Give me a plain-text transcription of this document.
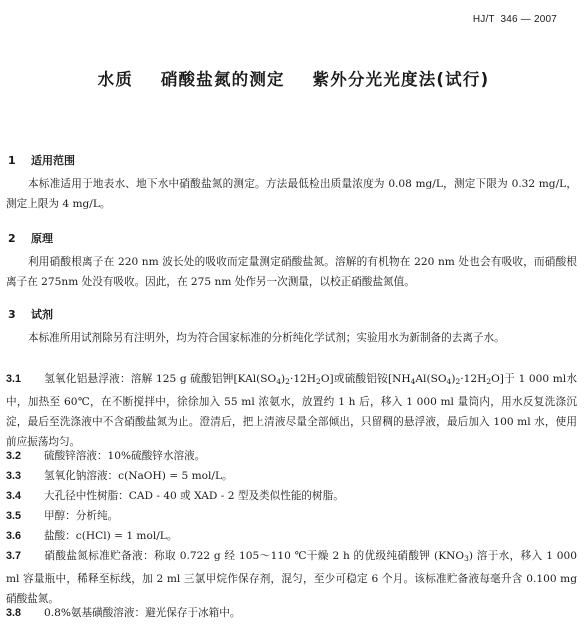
HJ/T  346 — 2007
水质    硝酸盐氮的测定    紫外分光光度法(试行)
1    适用范围

本标准适用于地表水、地下水中硝酸盐氮的测定。方法最低检出质量浓度为 0.08 mg/L，测定下限为 0.32 mg/L，测定上限为 4 mg/L。

2    原理

利用硝酸根离子在 220 nm 波长处的吸收而定量测定硝酸盐氮。溶解的有机物在 220 nm 处也会有吸收，而硝酸根离子在 275nm 处没有吸收。因此，在 275 nm 处作另一次测量，以校正硝酸盐氮值。

3    试剂

本标准所用试剂除另有注明外，均为符合国家标准的分析纯化学试剂；实验用水为新制备的去离子水。

3.1 氢氧化铝悬浮液：溶解 125 g 硫酸铝钾$[KAl(SO_4)_2\cdot 12H_2O]$或硫酸铝铵$[NH_4Al(SO_4)_2\cdot 12H_2O]$于 1 000 ml水中，加热至 60℃，在不断搅拌中，徐徐加入 55 ml 浓氨水，放置约 1 h 后，移入 1 000 ml 量筒内，用水反复洗涤沉淀，最后至洗涤液中不含硝酸盐氮为止。澄清后，把上清液尽量全部倾出，只留稠的悬浮液，最后加入 100 ml 水，使用前应振荡均匀。
3.2 硫酸锌溶液：10%硫酸锌水溶液。
3.3 氢氧化钠溶液：c(NaOH) = 5 mol/L。
3.4 大孔径中性树脂：CAD - 40 或 XAD - 2 型及类似性能的树脂。
3.5 甲醇：分析纯。
3.6 盐酸：c(HCl) = 1 mol/L。
3.7 硝酸盐氮标准贮备液：称取 0.722 g 经 105～110 ℃干燥 2 h 的优级纯硝酸钾 $(KNO_3)$ 溶于水，移入 1 000 ml 容量瓶中，稀释至标线，加 2 ml 三氯甲烷作保存剂，混匀，至少可稳定 6 个月。该标准贮备液每毫升含 0.100 mg 硝酸盐氮。
3.8 0.8%氨基磺酸溶液：避光保存于冰箱中。
